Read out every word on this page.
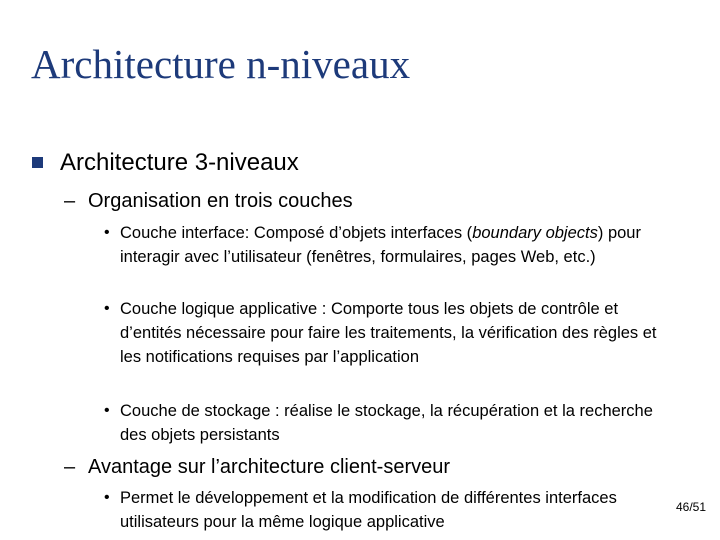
Architecture n-niveaux
Architecture 3-niveaux
– Organisation en trois couches
• Couche interface: Composé d’objets interfaces (boundary objects) pour interagir avec l’utilisateur (fenêtres, formulaires, pages Web, etc.)
• Couche logique applicative : Comporte tous les objets de contrôle et d’entités nécessaire pour faire les traitements, la vérification des règles et les notifications requises par l’application
• Couche de stockage : réalise le stockage, la récupération et la recherche des objets persistants
– Avantage sur l’architecture client-serveur
• Permet le développement et la modification de différentes interfaces utilisateurs pour la même logique applicative
46/51
